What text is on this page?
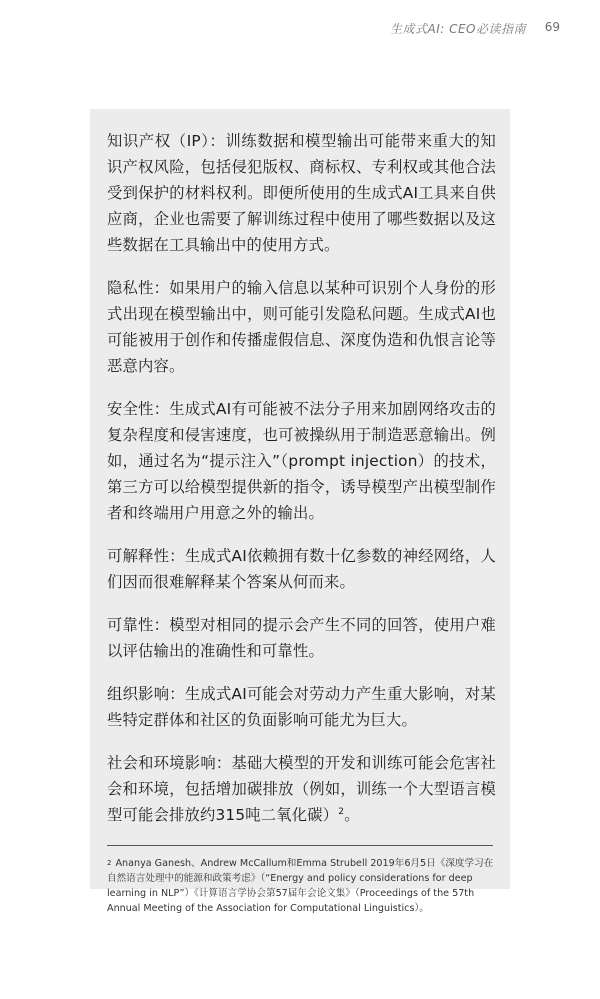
生成式AI: CEO必读指南 69

知识产权（IP）：训练数据和模型输出可能带来重大的知识产权风险，包括侵犯版权、商标权、专利权或其他合法受到保护的材料权利。即便所使用的生成式AI工具来自供应商，企业也需要了解训练过程中使用了哪些数据以及这些数据在工具输出中的使用方式。

隐私性：如果用户的输入信息以某种可识别个人身份的形式出现在模型输出中，则可能引发隐私问题。生成式AI也可能被用于创作和传播虚假信息、深度伪造和仇恨言论等恶意内容。

安全性：生成式AI有可能被不法分子用来加剧网络攻击的复杂程度和侵害速度，也可被操纵用于制造恶意输出。例如，通过名为“提示注入”（prompt injection）的技术，第三方可以给模型提供新的指令，诱导模型产出模型制作者和终端用户用意之外的输出。

可解释性：生成式AI依赖拥有数十亿参数的神经网络，人们因而很难解释某个答案从何而来。

可靠性：模型对相同的提示会产生不同的回答，使用户难以评估输出的准确性和可靠性。

组织影响：生成式AI可能会对劳动力产生重大影响，对某些特定群体和社区的负面影响可能尤为巨大。

社会和环境影响：基础大模型的开发和训练可能会危害社会和环境，包括增加碳排放（例如，训练一个大型语言模型可能会排放约315吨二氧化碳）$^2$。

$^2$ Ananya Ganesh、Andrew McCallum和Emma Strubell 2019年6月5日《深度学习在自然语言处理中的能源和政策考虑》（“Energy and policy considerations for deep learning in NLP”）《计算语言学协会第57届年会论文集》（Proceedings of the 57th Annual Meeting of the Association for Computational Linguistics）。
